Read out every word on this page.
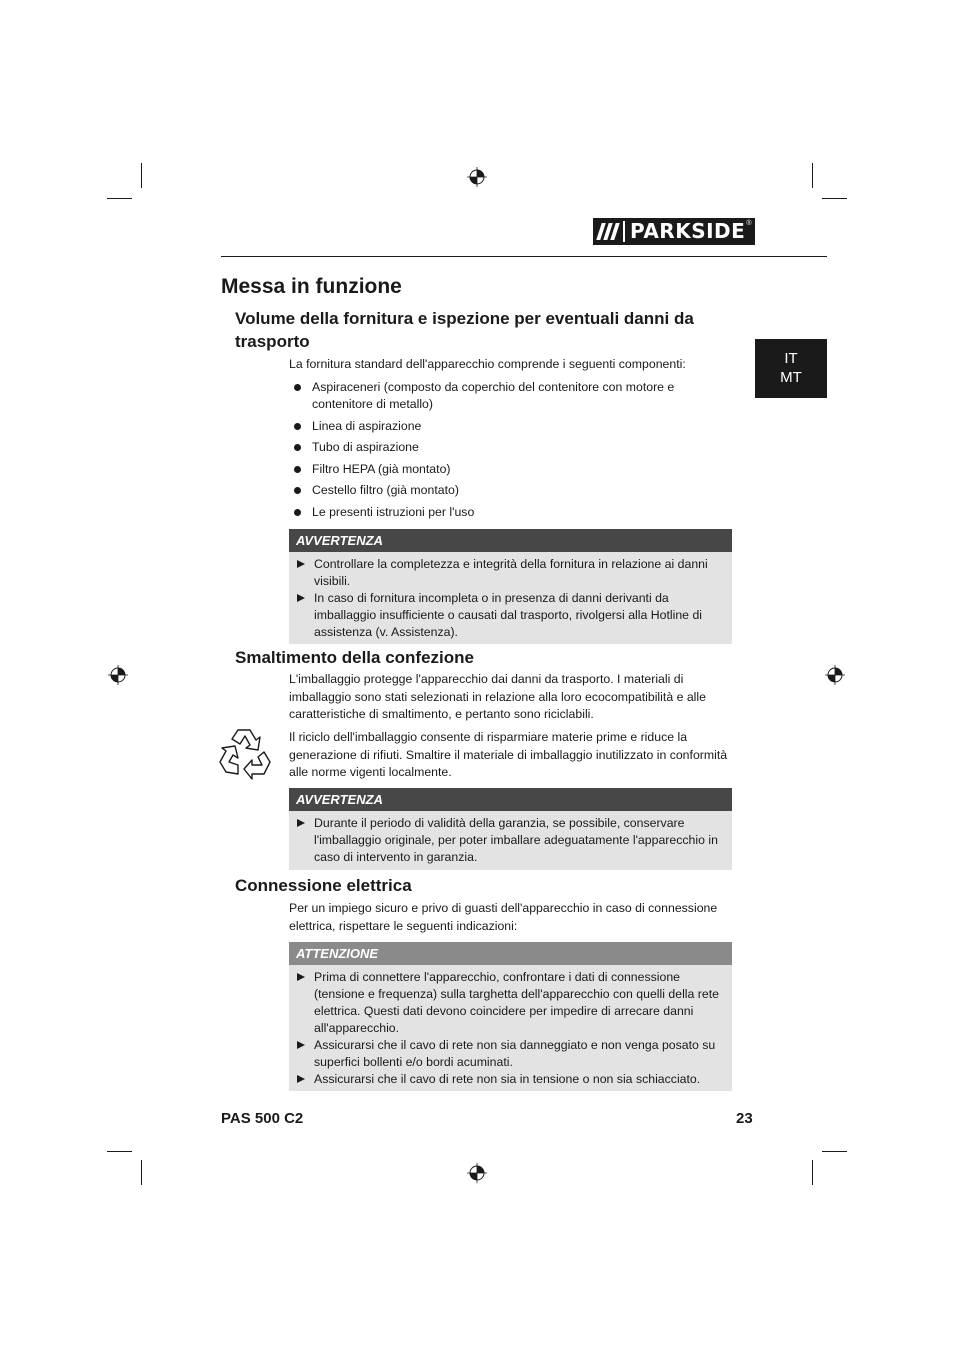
PARKSIDE ®
IT
MT
Messa in funzione
Volume della fornitura e ispezione per eventuali danni da trasporto

La fornitura standard dell'apparecchio comprende i seguenti componenti:

Aspiraceneri (composto da coperchio del contenitore con motore e contenitore di metallo)
Linea di aspirazione
Tubo di aspirazione
Filtro HEPA (già montato)
Cestello filtro (già montato)
Le presenti istruzioni per l'uso
AVVERTENZA
Controllare la completezza e integrità della fornitura in relazione ai danni visibili.
In caso di fornitura incompleta o in presenza di danni derivanti da imballaggio insufficiente o causati dal trasporto, rivolgersi alla Hotline di assistenza (v. Assistenza).
Smaltimento della confezione

L'imballaggio protegge l'apparecchio dai danni da trasporto. I materiali di imballaggio sono stati selezionati in relazione alla loro ecocompatibilità e alle caratteristiche di smaltimento, e pertanto sono riciclabili.

Il riciclo dell'imballaggio consente di risparmiare materie prime e riduce la generazione di rifiuti. Smaltire il materiale di imballaggio inutilizzato in conformità alle norme vigenti localmente.

AVVERTENZA
Durante il periodo di validità della garanzia, se possibile, conservare l'imballaggio originale, per poter imballare adeguatamente l'apparecchio in caso di intervento in garanzia.
Connessione elettrica

Per un impiego sicuro e privo di guasti dell'apparecchio in caso di connessione elettrica, rispettare le seguenti indicazioni:

ATTENZIONE
Prima di connettere l'apparecchio, confrontare i dati di connessione (tensione e frequenza) sulla targhetta dell'apparecchio con quelli della rete elettrica. Questi dati devono coincidere per impedire di arrecare danni all'apparecchio.
Assicurarsi che il cavo di rete non sia danneggiato e non venga posato su superfici bollenti e/o bordi acuminati.
Assicurarsi che il cavo di rete non sia in tensione o non sia schiacciato.
PAS 500 C2	23
